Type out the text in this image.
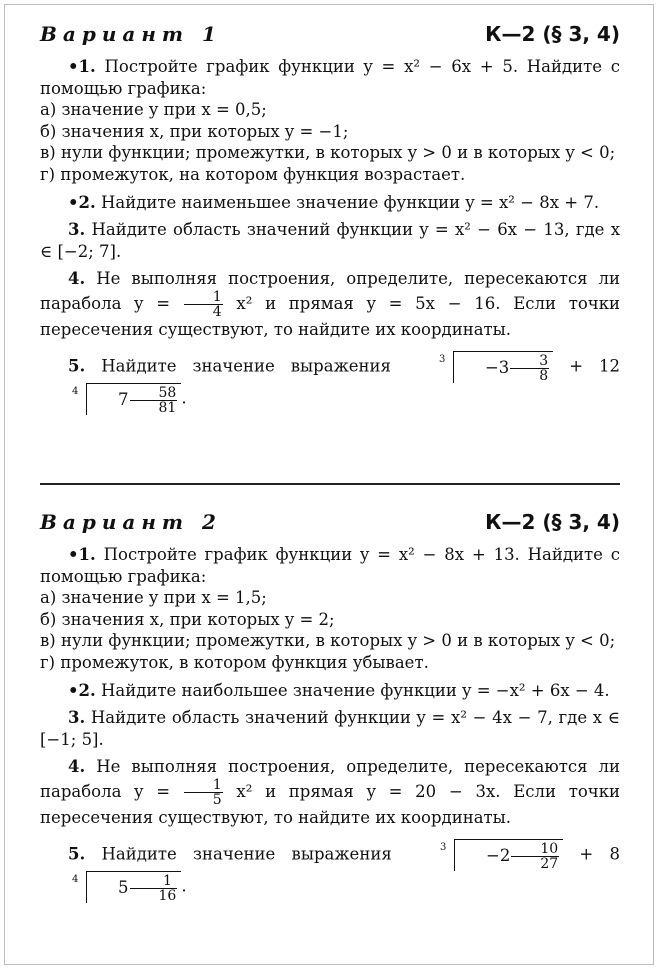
Вариант 1	К—2 (§ 3, 4)
•1. Постройте график функции y = x² − 6x + 5. Найдите с помощью графика:
а) значение y при x = 0,5;
б) значения x, при которых y = −1;
в) нули функции; промежутки, в которых y > 0 и в которых y < 0;
г) промежуток, на котором функция возрастает.
•2. Найдите наименьшее значение функции y = x² − 8x + 7.
3. Найдите область значений функции y = x² − 6x − 13, где x ∈ [−2; 7].
4. Не выполняя построения, определите, пересекаются ли парабола $y = \frac{1}{4} x^2$ и прямая y = 5x − 16. Если точки пересечения существуют, то найдите их координаты.
5. Найдите значение выражения	$3 -3 \frac{3}{8} + 12$
4 $7 \frac{58}{81}$ .
Вариант 2	К—2 (§ 3, 4)
•1. Постройте график функции y = x² − 8x + 13. Найдите с помощью графика:
а) значение y при x = 1,5;
б) значения x, при которых y = 2;
в) нули функции; промежутки, в которых y > 0 и в которых y < 0;
г) промежуток, в котором функция убывает.
•2. Найдите наибольшее значение функции y = −x² + 6x − 4.
3. Найдите область значений функции y = x² − 4x − 7, где x ∈ [−1; 5].
4. Не выполняя построения, определите, пересекаются ли парабола $y = \frac{1}{5} x^2$ и прямая y = 20 − 3x. Если точки пересечения существуют, то найдите их координаты.
5. Найдите значение выражения	$3 -2 \frac{10}{27} + 8$
4 $5 \frac{1}{16}$ .
